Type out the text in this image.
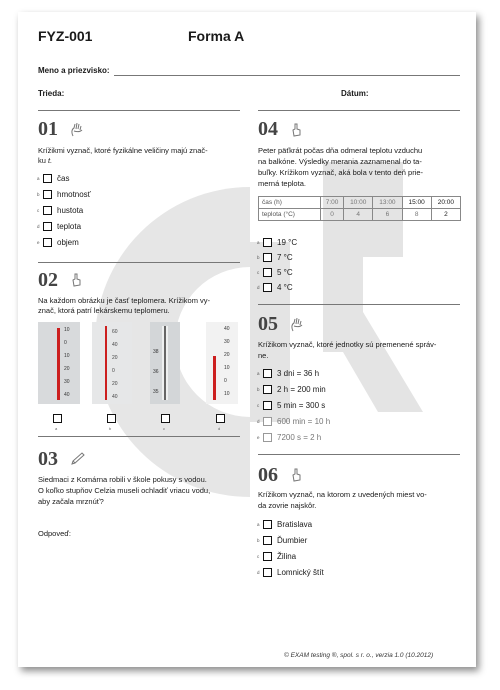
FYZ-001	Forma A
Meno a priezvisko:
Trieda:	Dátum:
01
Krížikmi vyznač, ktoré fyzikálne veličiny majú znač-
ku t.
a	čas
b	hmotnosť
c	hustota
d	teplota
e	objem
02
Na každom obrázku je časť teplomera. Krížikom vy-
znač, ktorá patrí lekárskemu teplomeru.
10
0
10
20
30
40
60
40
20
0
20
40
38
36
35
40
30
20
10
0
10
a	b	c	d
03
Siedmaci z Komárna robili v škole pokusy s vodou.
O koľko stupňov Celzia museli ochladiť vriacu vodu,
aby začala mrznúť?
Odpoveď:
04
Peter päťkrát počas dňa odmeral teplotu vzduchu
na balkóne. Výsledky merania zaznamenal do ta-
buľky. Krížikom vyznač, aká bola v tento deň prie-
merná teplota.
čas (h)	7:00	10:00	13:00	15:00	20:00
teplota (°C)	0	4	6	8	2
a	19 °C
b	7 °C
c	5 °C
d	4 °C
05
Krížikom vyznač, ktoré jednotky sú premenené správ-
ne.
a	3 dni = 36 h
b	2 h = 200 min
c	5 min = 300 s
d	600 min = 10 h
e	7200 s = 2 h
06
Krížikom vyznač, na ktorom z uvedených miest vo-
da zovrie najskôr.
a	Bratislava
b	Ďumbier
c	Žilina
d	Lomnický štít
© EXAM testing ®, spol. s r. o., verzia 1.0 (10.2012)
